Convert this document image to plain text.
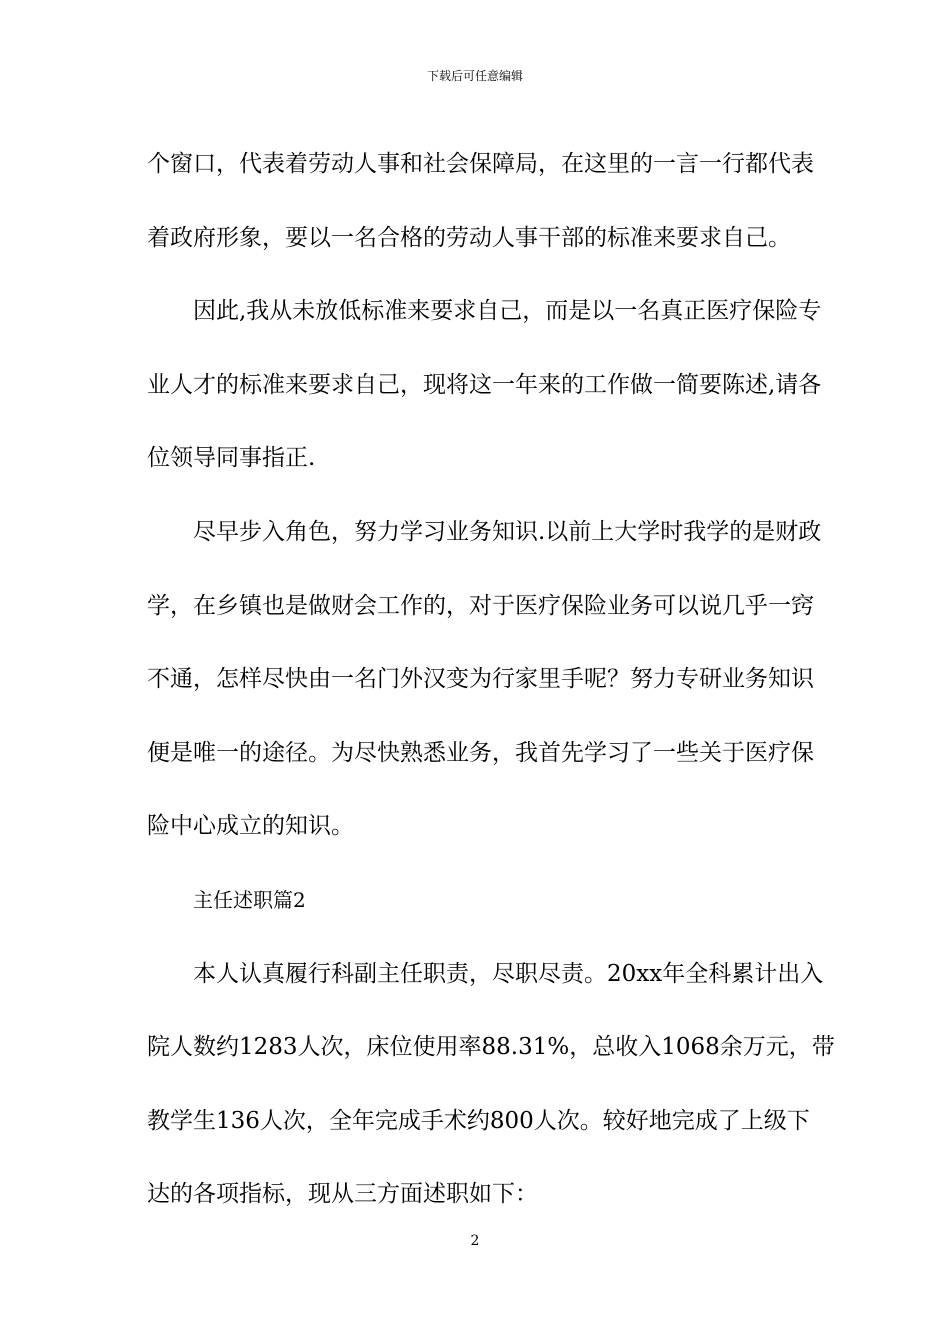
下载后可任意编辑
个窗口，代表着劳动人事和社会保障局，在这里的一言一行都代表
着政府形象，要以一名合格的劳动人事干部的标准来要求自己。
因此,我从未放低标准来要求自己，而是以一名真正医疗保险专
业人才的标准来要求自己，现将这一年来的工作做一简要陈述,请各
位领导同事指正.
尽早步入角色，努力学习业务知识.以前上大学时我学的是财政
学，在乡镇也是做财会工作的，对于医疗保险业务可以说几乎一窍
不通，怎样尽快由一名门外汉变为行家里手呢？努力专研业务知识
便是唯一的途径。为尽快熟悉业务，我首先学习了一些关于医疗保
险中心成立的知识。
主任述职篇2
本人认真履行科副主任职责，尽职尽责。20xx年全科累计出入
院人数约1283人次，床位使用率88.31%，总收入1068余万元，带
教学生136人次，全年完成手术约800人次。较好地完成了上级下
达的各项指标，现从三方面述职如下：
2
